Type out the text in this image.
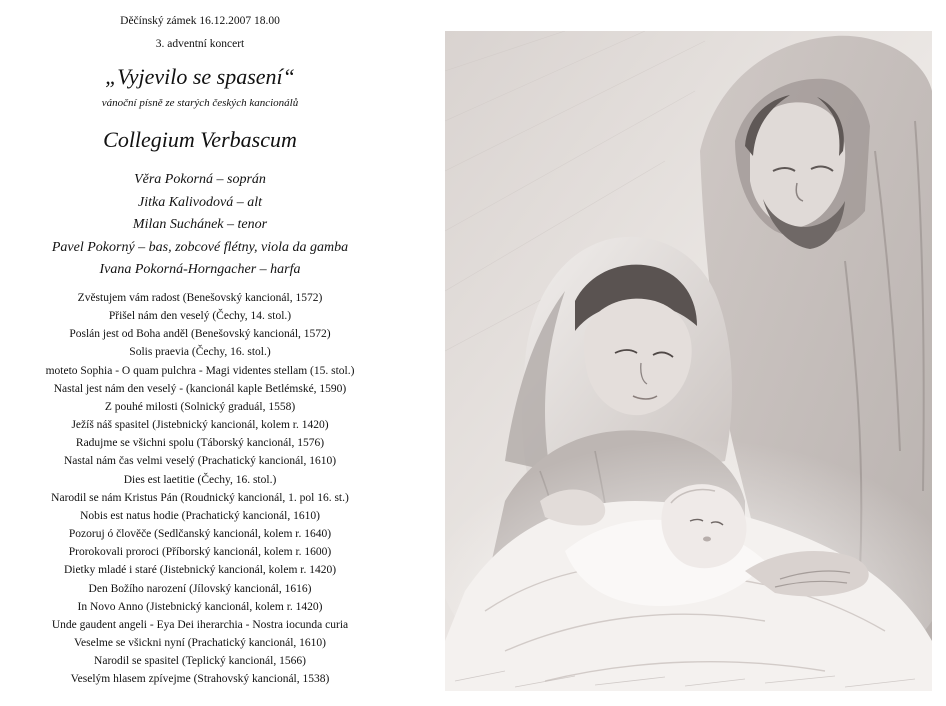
Děčínský zámek 16.12.2007 18.00
3. adventní koncert
„Vyjevilo se spasení“
vánoční písně ze starých českých kancionálů
Collegium Verbascum
Věra Pokorná – soprán
Jitka Kalivodová – alt
Milan Suchánek – tenor
Pavel Pokorný – bas, zobcové flétny, viola da gamba
Ivana Pokorná-Horngacher – harfa
Zvěstujem vám radost (Benešovský kancionál, 1572)
Přišel nám den veselý (Čechy, 14. stol.)
Poslán jest od Boha anděl (Benešovský kancionál, 1572)
Solis praevia (Čechy, 16. stol.)
moteto Sophia - O quam pulchra - Magi videntes stellam (15. stol.)
Nastal jest nám den veselý - (kancionál kaple Betlémské, 1590)
Z pouhé milosti (Solnický graduál, 1558)
Ježíš náš spasitel (Jistebnický kancionál, kolem r. 1420)
Radujme se všichni spolu (Táborský kancionál, 1576)
Nastal nám čas velmi veselý (Prachatický kancionál, 1610)
Dies est laetitie (Čechy, 16. stol.)
Narodil se nám Kristus Pán (Roudnický kancionál, 1. pol 16. st.)
Nobis est natus hodie (Prachatický kancionál, 1610)
Pozoruj ó člověče (Sedlčanský kancionál, kolem r. 1640)
Prorokovali proroci (Příborský kancionál, kolem r. 1600)
Dietky mladé i staré (Jistebnický kancionál, kolem r. 1420)
Den Božího narození (Jílovský kancionál, 1616)
In Novo Anno (Jistebnický kancionál, kolem r. 1420)
Unde gaudent angeli - Eya Dei iherarchia - Nostra iocunda curia
Veselme se všickni nyní (Prachatický kancionál, 1610)
Narodil se spasitel (Teplický kancionál, 1566)
Veselým hlasem zpívejme (Strahovský kancionál, 1538)
